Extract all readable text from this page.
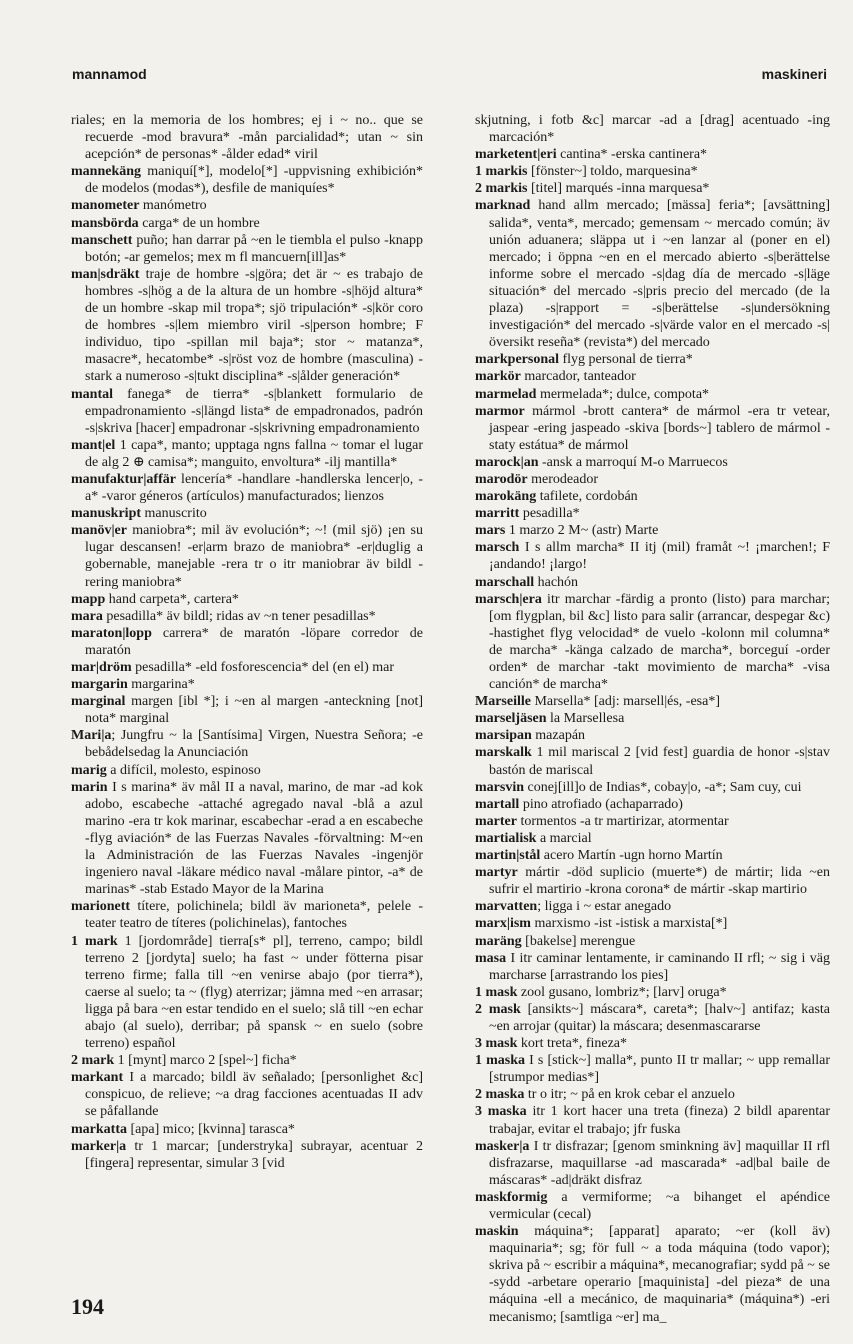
mannamod	maskineri

riales; en la memoria de los hombres; ej i ~ no.. que se recuerde -mod bravura* -mån parcialidad*; utan ~ sin acepción* de personas* -ålder edad* viril

mannekäng maniquí[*], modelo[*] -uppvisning exhibición* de modelos (modas*), desfile de maniquíes*

manometer manómetro

mansbörda carga* de un hombre

manschett puño; han darrar på ~en le tiembla el pulso -knapp botón; -ar gemelos; mex m fl mancuern[ill]as*

man|sdräkt traje de hombre -s|göra; det är ~ es trabajo de hombres -s|hög a de la altura de un hombre -s|höjd altura* de un hombre -skap mil tropa*; sjö tripulación* -s|kör coro de hombres -s|lem miembro viril -s|person hombre; F individuo, tipo -spillan mil baja*; stor ~ matanza*, masacre*, hecatombe* -s|röst voz de hombre (masculina) -stark a numeroso -s|tukt disciplina* -s|ålder generación*

mantal fanega* de tierra* -s|blankett formulario de empadronamiento -s|längd lista* de empadronados, padrón -s|skriva [hacer] empadronar -s|skrivning empadronamiento

mant|el 1 capa*, manto; upptaga ngns fallna ~ tomar el lugar de alg 2 ⊕ camisa*; manguito, envoltura* -ilj mantilla*

manufaktur|affär lencería* -handlare -handlerska lencer|o, -a* -varor géneros (artículos) manufacturados; lienzos

manuskript manuscrito

manöv|er maniobra*; mil äv evolución*; ~! (mil sjö) ¡en su lugar descansen! -er|arm brazo de maniobra* -er|duglig a gobernable, manejable -rera tr o itr maniobrar äv bildl -rering maniobra*

mapp hand carpeta*, cartera*

mara pesadilla* äv bildl; ridas av ~n tener pesadillas*

maraton|lopp carrera* de maratón -löpare corredor de maratón

mar|dröm pesadilla* -eld fosforescencia* del (en el) mar

margarin margarina*

marginal margen [ibl *]; i ~en al margen -anteckning [not] nota* marginal

Mari|a; Jungfru ~ la [Santísima] Virgen, Nuestra Señora; -e bebådelsedag la Anunciación

marig a difícil, molesto, espinoso

marin I s marina* äv mål II a naval, marino, de mar -ad kok adobo, escabeche -attaché agregado naval -blå a azul marino -era tr kok marinar, escabechar -erad a en escabeche -flyg aviación* de las Fuerzas Navales -förvaltning: M~en la Administración de las Fuerzas Navales -ingenjör ingeniero naval -läkare médico naval -målare pintor, -a* de marinas* -stab Estado Mayor de la Marina

marionett títere, polichinela; bildl äv marioneta*, pelele -teater teatro de títeres (polichinelas), fantoches

1 mark 1 [jordområde] tierra[s* pl], terreno, campo; bildl terreno 2 [jordyta] suelo; ha fast ~ under fötterna pisar terreno firme; falla till ~en venirse abajo (por tierra*), caerse al suelo; ta ~ (flyg) aterrizar; jämna med ~en arrasar; ligga på bara ~en estar tendido en el suelo; slå till ~en echar abajo (al suelo), derribar; på spansk ~ en suelo (sobre terreno) español

2 mark 1 [mynt] marco 2 [spel~] ficha*

markant I a marcado; bildl äv señalado; [personlighet &c] conspicuo, de relieve; ~a drag facciones acentuadas II adv se påfallande

markatta [apa] mico; [kvinna] tarasca*

marker|a tr 1 marcar; [understryka] subrayar, acentuar 2 [fingera] representar, simular 3 [vid

skjutning, i fotb &c] marcar -ad a [drag] acentuado -ing marcación*

marketent|eri cantina* -erska cantinera*

1 markis [fönster~] toldo, marquesina*

2 markis [titel] marqués -inna marquesa*

marknad hand allm mercado; [mässa] feria*; [avsättning] salida*, venta*, mercado; gemensam ~ mercado común; äv unión aduanera; släppa ut i ~en lanzar al (poner en el) mercado; i öppna ~en en el mercado abierto -s|berättelse informe sobre el mercado -s|dag día de mercado -s|läge situación* del mercado -s|pris precio del mercado (de la plaza) -s|rapport = -s|berättelse -s|undersökning investigación* del mercado -s|värde valor en el mercado -s|översikt reseña* (revista*) del mercado

markpersonal flyg personal de tierra*

markör marcador, tanteador

marmelad mermelada*; dulce, compota*

marmor mármol -brott cantera* de mármol -era tr vetear, jaspear -ering jaspeado -skiva [bords~] tablero de mármol -staty estátua* de mármol

marock|an -ansk a marroquí M-o Marruecos

marodör merodeador

marokäng tafilete, cordobán

marritt pesadilla*

mars 1 marzo 2 M~ (astr) Marte

marsch I s allm marcha* II itj (mil) framåt ~! ¡marchen!; F ¡andando! ¡largo!

marschall hachón

marsch|era itr marchar -färdig a pronto (listo) para marchar; [om flygplan, bil &c] listo para salir (arrancar, despegar &c) -hastighet flyg velocidad* de vuelo -kolonn mil columna* de marcha* -känga calzado de marcha*, borceguí -order orden* de marchar -takt movimiento de marcha* -visa canción* de marcha*

Marseille Marsella* [adj: marsell|és, -esa*]

marseljäsen la Marsellesa

marsipan mazapán

marskalk 1 mil mariscal 2 [vid fest] guardia de honor -s|stav bastón de mariscal

marsvin conej[ill]o de Indias*, cobay|o, -a*; Sam cuy, cui

martall pino atrofiado (achaparrado)

marter tormentos -a tr martirizar, atormentar

martialisk a marcial

martin|stål acero Martín -ugn horno Martín

martyr mártir -död suplicio (muerte*) de mártir; lida ~en sufrir el martirio -krona corona* de mártir -skap martirio

marvatten; ligga i ~ estar anegado

marx|ism marxismo -ist -istisk a marxista[*]

maräng [bakelse] merengue

masa I itr caminar lentamente, ir caminando II rfl; ~ sig i väg marcharse [arrastrando los pies]

1 mask zool gusano, lombriz*; [larv] oruga*

2 mask [ansikts~] máscara*, careta*; [halv~] antifaz; kasta ~en arrojar (quitar) la máscara; desenmascararse

3 mask kort treta*, fineza*

1 maska I s [stick~] malla*, punto II tr mallar; ~ upp remallar [strumpor medias*]

2 maska tr o itr; ~ på en krok cebar el anzuelo

3 maska itr 1 kort hacer una treta (fineza) 2 bildl aparentar trabajar, evitar el trabajo; jfr fuska

masker|a I tr disfrazar; [genom sminkning äv] maquillar II rfl disfrazarse, maquillarse -ad mascarada* -ad|bal baile de máscaras* -ad|dräkt disfraz

maskformig a vermiforme; ~a bihanget el apéndice vermicular (cecal)

maskin máquina*; [apparat] aparato; ~er (koll äv) maquinaria*; sg; för full ~ a toda máquina (todo vapor); skriva på ~ escribir a máquina*, mecanografiar; sydd på ~ se -sydd -arbetare operario [maquinista] -del pieza* de una máquina -ell a mecánico, de maquinaria* (máquina*) -eri mecanismo; [samtliga ~er] ma_

194
